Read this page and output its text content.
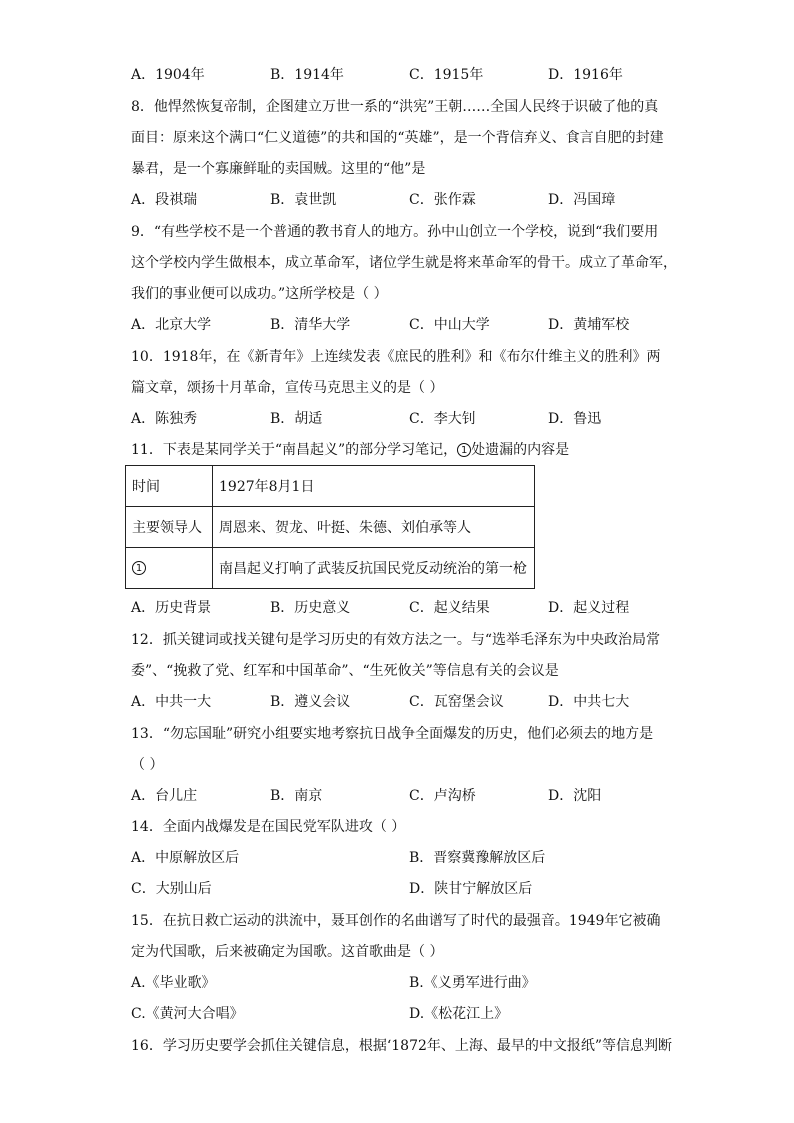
A．1904年	B．1914年	C．1915年	D．1916年
8．他悍然恢复帝制，企图建立万世一系的“洪宪”王朝……全国人民终于识破了他的真
面目：原来这个满口“仁义道德”的共和国的“英雄”，是一个背信弃义、食言自肥的封建
暴君，是一个寡廉鲜耻的卖国贼。这里的“他”是
A．段祺瑞	B．袁世凯	C．张作霖	D．冯国璋
9．“有些学校不是一个普通的教书育人的地方。孙中山创立一个学校，说到“我们要用
这个学校内学生做根本，成立革命军，诸位学生就是将来革命军的骨干。成立了革命军，
我们的事业便可以成功。”这所学校是（ ）
A．北京大学	B．清华大学	C．中山大学	D．黄埔军校
10．1918年，在《新青年》上连续发表《庶民的胜利》和《布尔什维主义的胜利》两
篇文章，颂扬十月革命，宣传马克思主义的是（ ）
A．陈独秀	B．胡适	C．李大钊	D．鲁迅
11．下表是某同学关于“南昌起义”的部分学习笔记， 1 处遗漏的内容是
时间	1927年8月1日
主要领导人	周恩来、贺龙、叶挺、朱德、刘伯承等人
1	南昌起义打响了武装反抗国民党反动统治的第一枪
A．历史背景	B．历史意义	C．起义结果	D．起义过程
12．抓关键词或找关键句是学习历史的有效方法之一。与“选举毛泽东为中央政治局常
委”、“挽救了党、红军和中国革命”、“生死攸关”等信息有关的会议是
A．中共一大	B．遵义会议	C．瓦窑堡会议	D．中共七大
13．“勿忘国耻”研究小组要实地考察抗日战争全面爆发的历史，他们必须去的地方是
（ ）
A．台儿庄	B．南京	C．卢沟桥	D．沈阳
14．全面内战爆发是在国民党军队进攻（ ）
A．中原解放区后	B．晋察冀豫解放区后
C．大别山后	D．陕甘宁解放区后
15．在抗日救亡运动的洪流中，聂耳创作的名曲谱写了时代的最强音。1949年它被确
定为代国歌，后来被确定为国歌。这首歌曲是（ ）
A.《毕业歌》	B.《义勇军进行曲》
C.《黄河大合唱》	D.《松花江上》
16．学习历史要学会抓住关键信息，根据‘1872年、上海、最早的中文报纸”等信息判断
